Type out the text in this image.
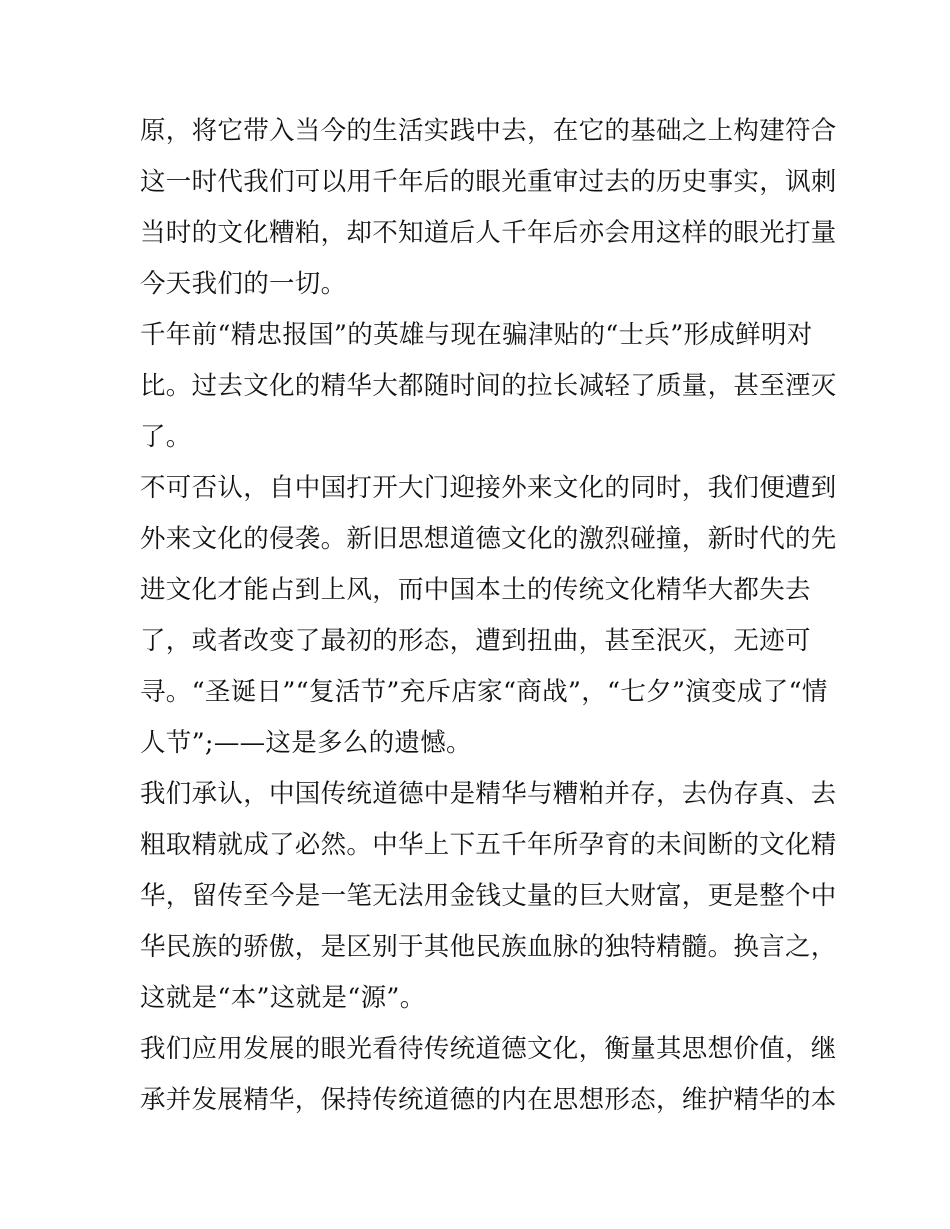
原，将它带入当今的生活实践中去，在它的基础之上构建符合
这一时代我们可以用千年后的眼光重审过去的历史事实，讽刺
当时的文化糟粕，却不知道后人千年后亦会用这样的眼光打量
今天我们的一切。
千年前“精忠报国”的英雄与现在骗津贴的“士兵”形成鲜明对
比。过去文化的精华大都随时间的拉长减轻了质量，甚至湮灭
了。
不可否认，自中国打开大门迎接外来文化的同时，我们便遭到
外来文化的侵袭。新旧思想道德文化的激烈碰撞，新时代的先
进文化才能占到上风，而中国本土的传统文化精华大都失去
了，或者改变了最初的形态，遭到扭曲，甚至泯灭，无迹可
寻。“圣诞日”“复活节”充斥店家“商战”，“七夕”演变成了“情
人节”;——这是多么的遗憾。
我们承认，中国传统道德中是精华与糟粕并存，去伪存真、去
粗取精就成了必然。中华上下五千年所孕育的未间断的文化精
华，留传至今是一笔无法用金钱丈量的巨大财富，更是整个中
华民族的骄傲，是区别于其他民族血脉的独特精髓。换言之，
这就是“本”这就是“源”。
我们应用发展的眼光看待传统道德文化，衡量其思想价值，继
承并发展精华，保持传统道德的内在思想形态，维护精华的本
